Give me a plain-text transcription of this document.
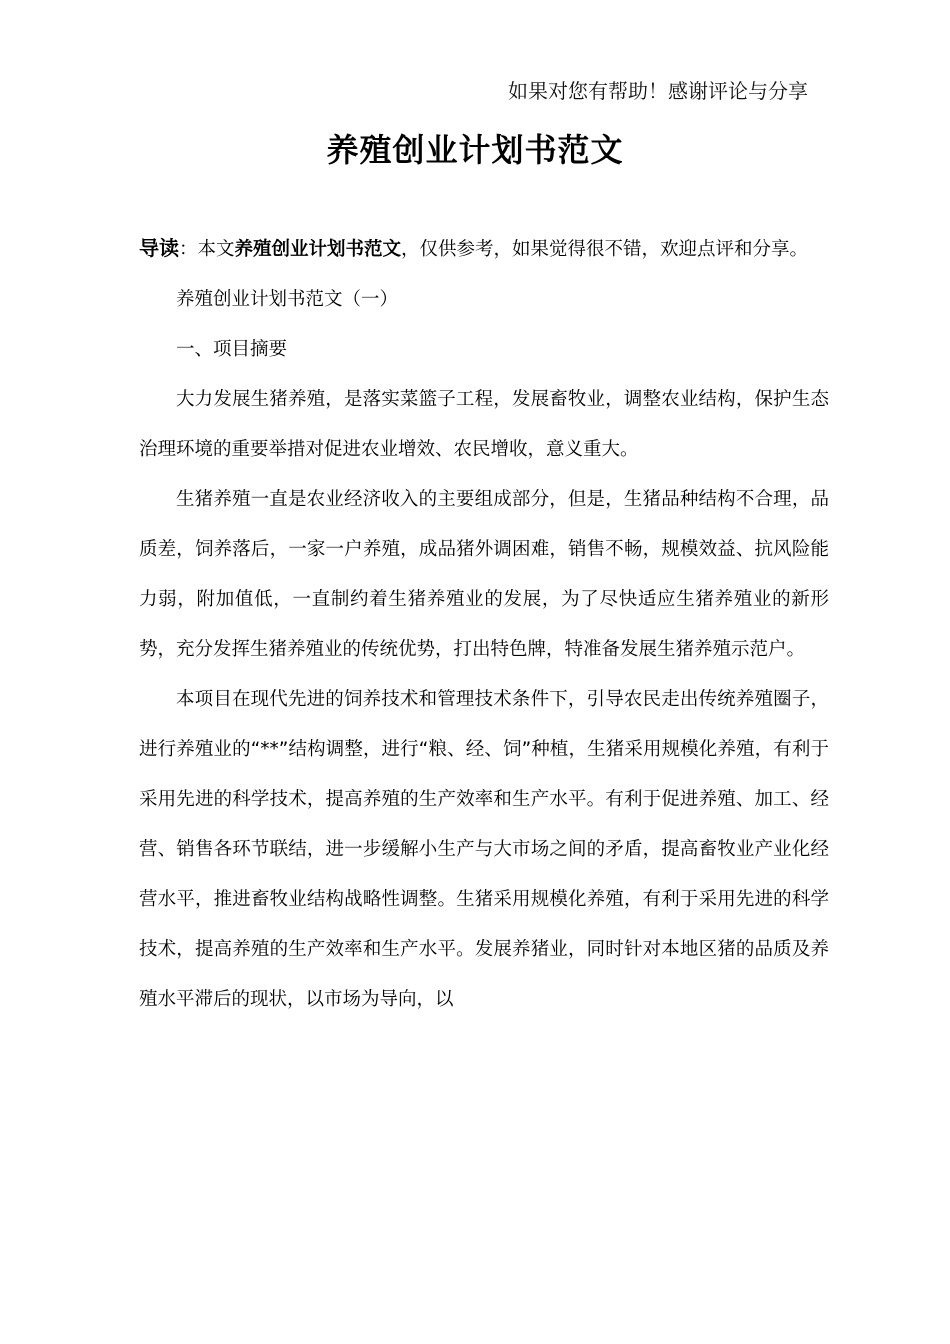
如果对您有帮助！感谢评论与分享
养殖创业计划书范文

导读：本文养殖创业计划书范文，仅供参考，如果觉得很不错，欢迎点评和分享。

养殖创业计划书范文（一）

一、项目摘要

大力发展生猪养殖，是落实菜篮子工程，发展畜牧业，调整农业结构，保护生态治理环境的重要举措对促进农业增效、农民增收，意义重大。

生猪养殖一直是农业经济收入的主要组成部分，但是，生猪品种结构不合理，品质差，饲养落后，一家一户养殖，成品猪外调困难，销售不畅，规模效益、抗风险能力弱，附加值低，一直制约着生猪养殖业的发展，为了尽快适应生猪养殖业的新形势，充分发挥生猪养殖业的传统优势，打出特色牌，特准备发展生猪养殖示范户。

本项目在现代先进的饲养技术和管理技术条件下，引导农民走出传统养殖圈子，进行养殖业的“**”结构调整，进行“粮、经、饲”种植，生猪采用规模化养殖，有利于采用先进的科学技术，提高养殖的生产效率和生产水平。有利于促进养殖、加工、经营、销售各环节联结，进一步缓解小生产与大市场之间的矛盾，提高畜牧业产业化经营水平，推进畜牧业结构战略性调整。生猪采用规模化养殖，有利于采用先进的科学技术，提高养殖的生产效率和生产水平。发展养猪业，同时针对本地区猪的品质及养殖水平滞后的现状，以市场为导向，以
